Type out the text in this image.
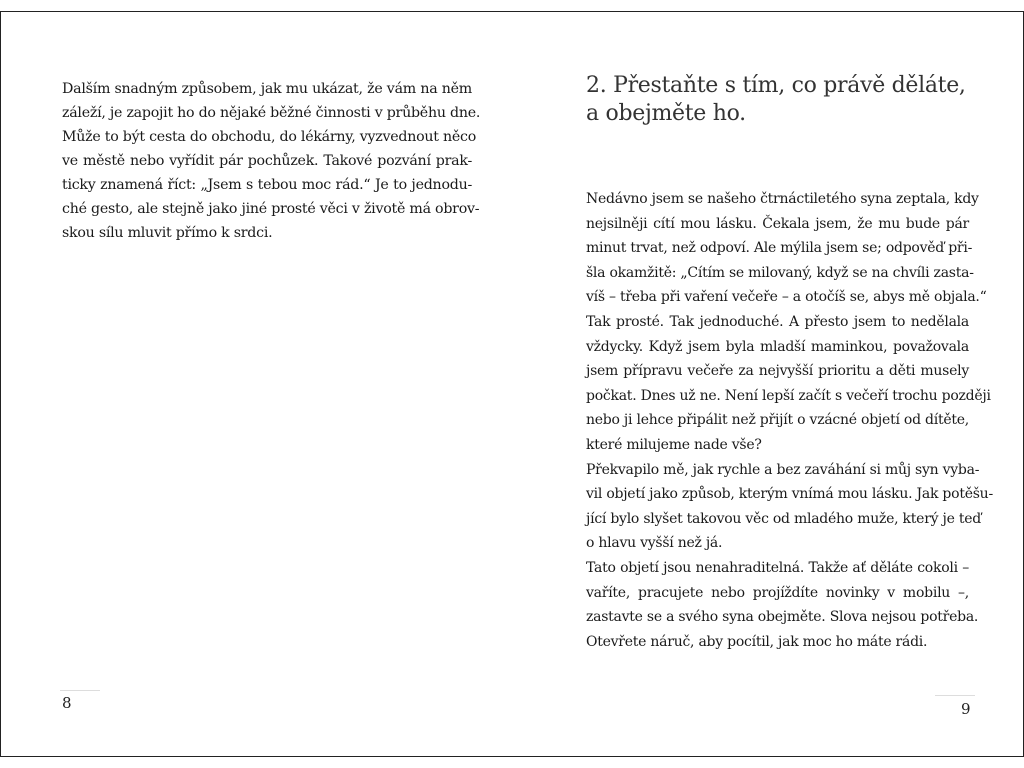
Dalším snadným způsobem, jak mu ukázat, že vám na něm
záleží, je zapojit ho do nějaké běžné činnosti v průběhu dne.
Může to být cesta do obchodu, do lékárny, vyzvednout něco
ve městě nebo vyřídit pár pochůzek. Takové pozvání prak-
ticky znamená říct: „Jsem s tebou moc rád.“ Je to jednodu-
ché gesto, ale stejně jako jiné prosté věci v životě má obrov-
skou sílu mluvit přímo k srdci.
2. Přestaňte s tím, co právě děláte,
a obejměte ho.
Nedávno jsem se našeho čtrnáctiletého syna zeptala, kdy
nejsilněji cítí mou lásku. Čekala jsem, že mu bude pár
minut trvat, než odpoví. Ale mýlila jsem se; odpověď při-
šla okamžitě: „Cítím se milovaný, když se na chvíli zasta-
víš – třeba při vaření večeře – a otočíš se, abys mě objala.“
Tak prosté. Tak jednoduché. A přesto jsem to nedělala
vždycky. Když jsem byla mladší maminkou, považovala
jsem přípravu večeře za nejvyšší prioritu a děti musely
počkat. Dnes už ne. Není lepší začít s večeří trochu později
nebo ji lehce připálit než přijít o vzácné objetí od dítěte,
které milujeme nade vše?
Překvapilo mě, jak rychle a bez zaváhání si můj syn vyba-
vil objetí jako způsob, kterým vnímá mou lásku. Jak potěšu-
jící bylo slyšet takovou věc od mladého muže, který je teď
o hlavu vyšší než já.
Tato objetí jsou nenahraditelná. Takže ať děláte cokoli –
vaříte, pracujete nebo projíždíte novinky v mobilu –,
zastavte se a svého syna obejměte. Slova nejsou potřeba.
Otevřete náruč, aby pocítil, jak moc ho máte rádi.
8	9
